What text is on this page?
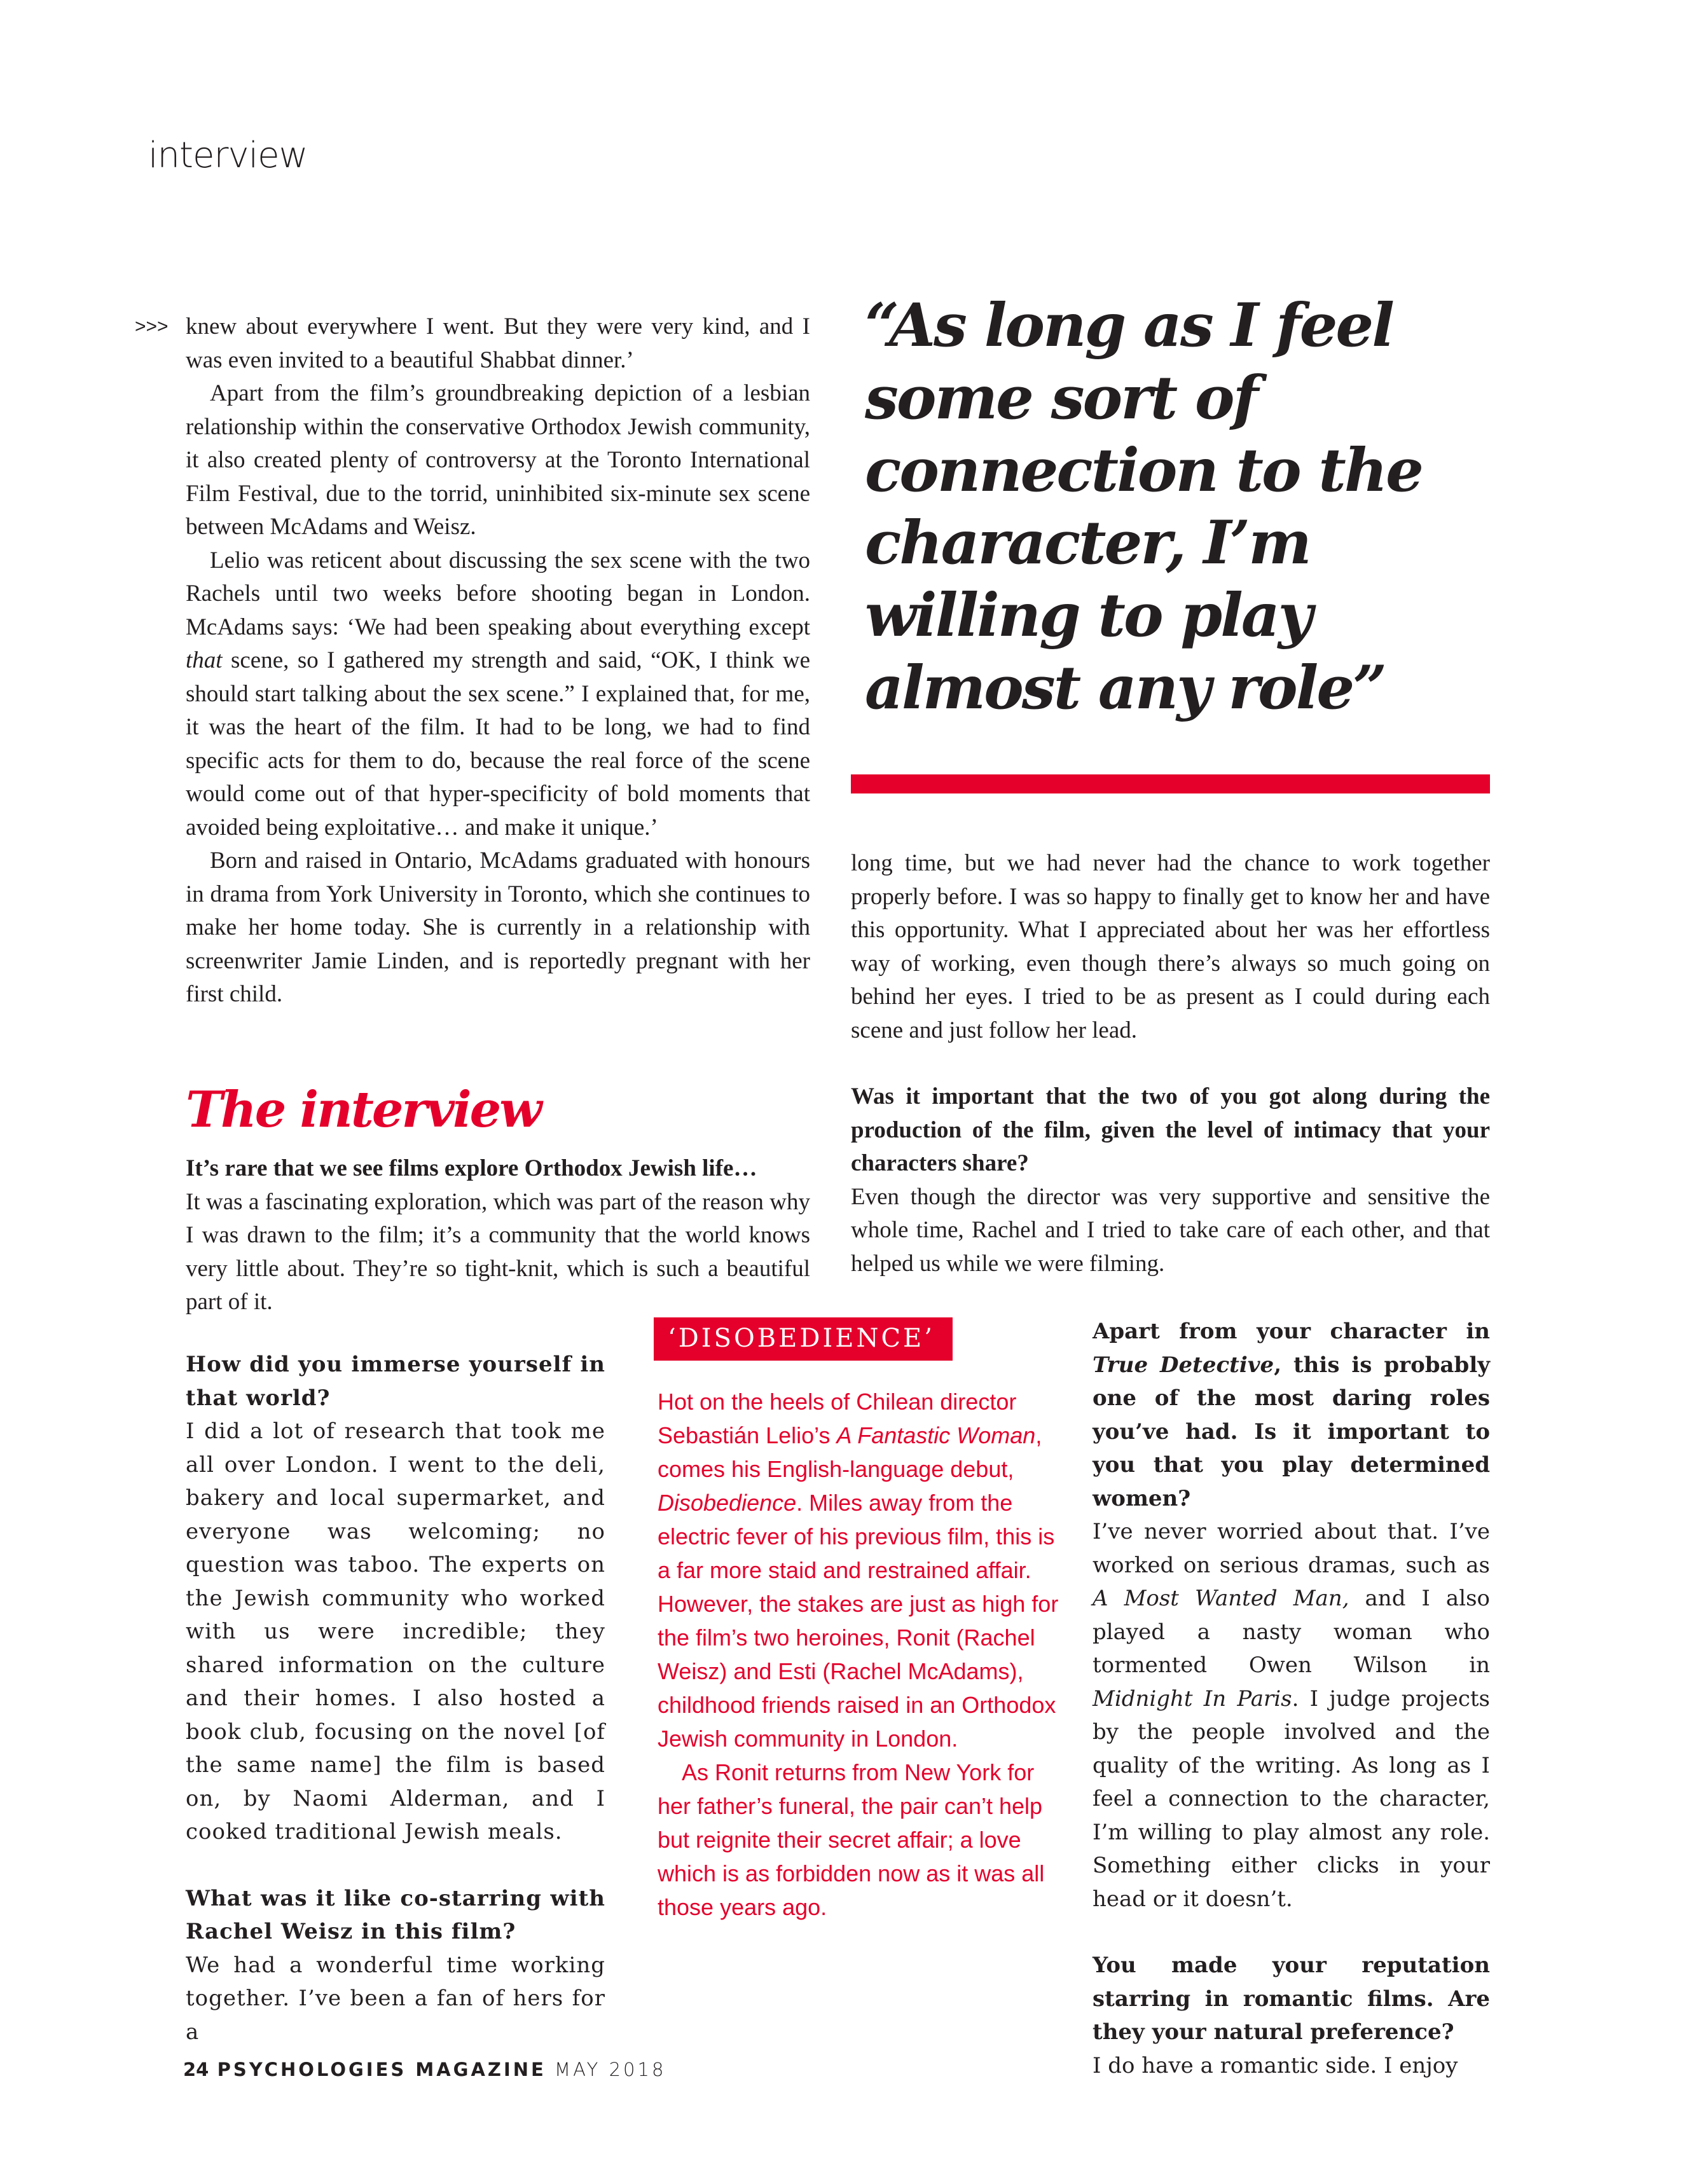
interview
>>> knew about everywhere I went. But they were very kind, and I was even invited to a beautiful Shabbat dinner.’

Apart from the film’s groundbreaking depiction of a lesbian relationship within the conservative Orthodox Jewish community, it also created plenty of controversy at the Toronto International Film Festival, due to the torrid, uninhibited six-minute sex scene between McAdams and Weisz.

Lelio was reticent about discussing the sex scene with the two Rachels until two weeks before shooting began in London. McAdams says: ‘We had been speaking about everything except that scene, so I gathered my strength and said, “OK, I think we should start talking about the sex scene.” I explained that, for me, it was the heart of the film. It had to be long, we had to find specific acts for them to do, because the real force of the scene would come out of that hyper-specificity of bold moments that avoided being exploitative… and make it unique.’

Born and raised in Ontario, McAdams graduated with honours in drama from York University in Toronto, which she continues to make her home today. She is currently in a relationship with screenwriter Jamie Linden, and is reportedly pregnant with her first child.

“As long as I feel some sort of connection to the character, I’m willing to play almost any role”

long time, but we had never had the chance to work together properly before. I was so happy to finally get to know her and have this opportunity. What I appreciated about her was her effortless way of working, even though there’s always so much going on behind her eyes. I tried to be as present as I could during each scene and just follow her lead.

Was it important that the two of you got along during the production of the film, given the level of intimacy that your characters share?

Even though the director was very supportive and sensitive the whole time, Rachel and I tried to take care of each other, and that helped us while we were filming.

The interview

It’s rare that we see films explore Orthodox Jewish life…

It was a fascinating exploration, which was part of the reason why I was drawn to the film; it’s a community that the world knows very little about. They’re so tight-knit, which is such a beautiful part of it.

How did you immerse yourself in that world?

I did a lot of research that took me all over London. I went to the deli, bakery and local supermarket, and everyone was welcoming; no question was taboo. The experts on the Jewish community who worked with us were incredible; they shared information on the culture and their homes. I also hosted a book club, focusing on the novel [of the same name] the film is based on, by Naomi Alderman, and I cooked traditional Jewish meals.

What was it like co-starring with Rachel Weisz in this film?

We had a wonderful time working together. I’ve been a fan of hers for a

‘DISOBEDIENCE’

Hot on the heels of Chilean director Sebastián Lelio’s A Fantastic Woman, comes his English-language debut, Disobedience. Miles away from the electric fever of his previous film, this is a far more staid and restrained affair. However, the stakes are just as high for the film’s two heroines, Ronit (Rachel Weisz) and Esti (Rachel McAdams), childhood friends raised in an Orthodox Jewish community in London.

As Ronit returns from New York for her father’s funeral, the pair can’t help but reignite their secret affair; a love which is as forbidden now as it was all those years ago.

Apart from your character in True Detective, this is probably one of the most daring roles you’ve had. Is it important to you that you play determined women?

I’ve never worried about that. I’ve worked on serious dramas, such as A Most Wanted Man, and I also played a nasty woman who tormented Owen Wilson in Midnight In Paris. I judge projects by the people involved and the quality of the writing. As long as I feel a connection to the character, I’m willing to play almost any role. Something either clicks in your head or it doesn’t.

You made your reputation starring in romantic films. Are they your natural preference?

I do have a romantic side. I enjoy

24 PSYCHOLOGIES MAGAZINE MAY 2018
